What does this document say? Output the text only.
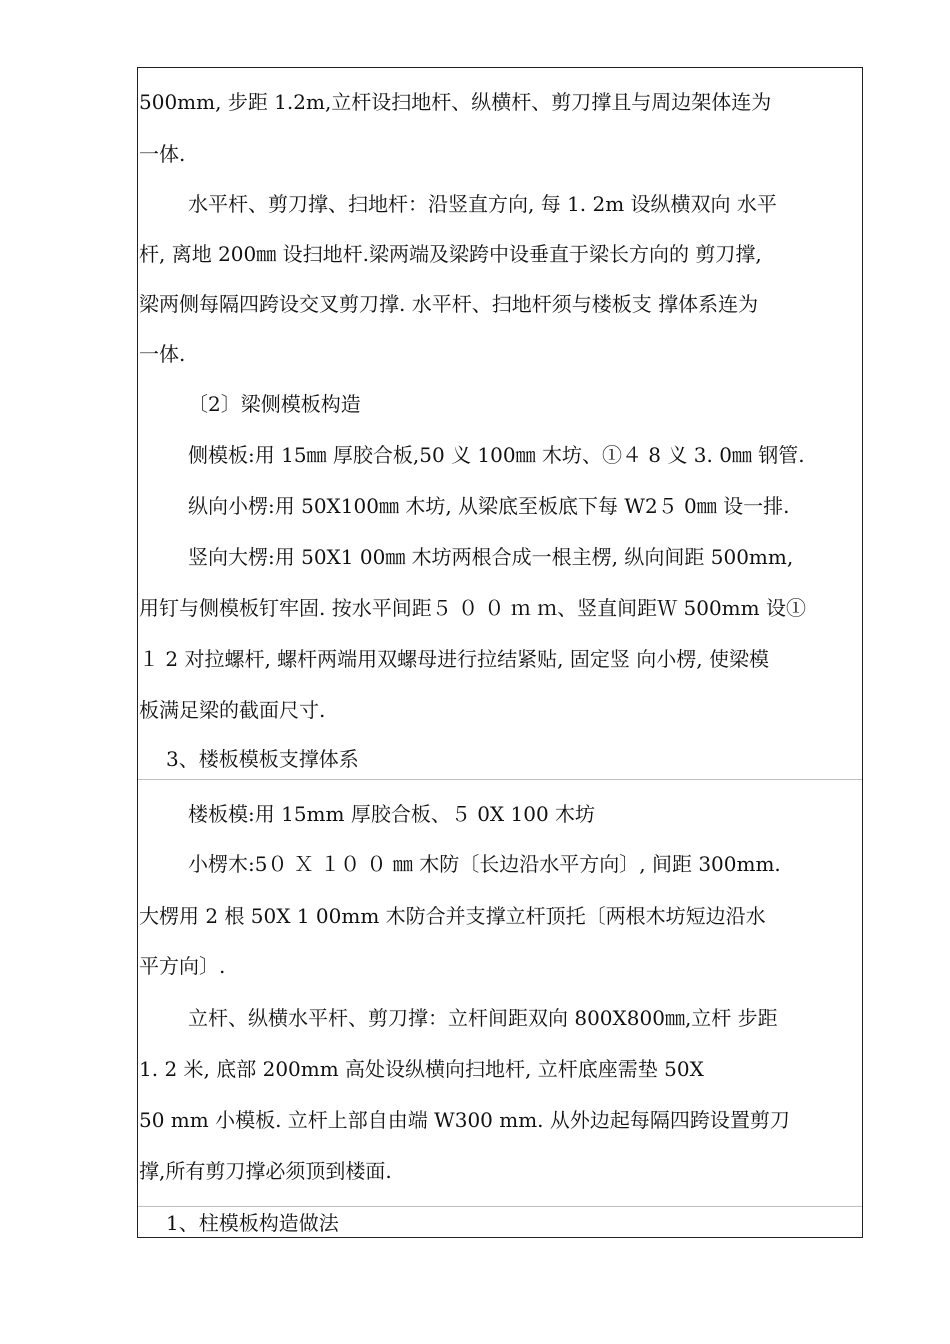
500mm, 步距 1.2m,立杆设扫地杆、纵横杆、剪刀撑且与周边架体连为
一体.
水平杆、剪刀撑、扫地杆：沿竖直方向, 每 1. 2m 设纵横双向 水平
杆, 离地 200㎜ 设扫地杆.梁两端及梁跨中设垂直于梁长方向的 剪刀撑,
梁两侧每隔四跨设交叉剪刀撑. 水平杆、扫地杆须与楼板支 撑体系连为
一体.
〔2〕梁侧模板构造
侧模板:用 15㎜ 厚胶合板,50 义 100㎜ 木坊、①４ 8 义 3. 0㎜ 钢管.
纵向小楞:用 50X100㎜ 木坊, 从梁底至板底下每 W2５ 0㎜ 设一排.
竖向大楞:用 50X1 00㎜ 木坊两根合成一根主楞, 纵向间距 500mm,
用钉与侧模板钉牢固. 按水平间距５ ０ ０ ｍ ｍ、竖直间距Ｗ 500mm 设①
１ 2 对拉螺杆, 螺杆两端用双螺母进行拉结紧贴, 固定竖 向小楞, 使梁模
板满足梁的截面尺寸.
3、楼板模板支撑体系
楼板模:用 15mm 厚胶合板、５ 0X 100 木坊
小楞木:5０ Ｘ １０ ０ ㎜ 木防〔长边沿水平方向〕, 间距 300mm.
大楞用 2 根 50X 1 00mm 木防合并支撑立杆顶托〔两根木坊短边沿水
平方向〕.
立杆、纵横水平杆、剪刀撑：立杆间距双向 800X800㎜,立杆 步距
1. 2 米, 底部 200mm 高处设纵横向扫地杆, 立杆底座需垫 50X
50 mm 小模板. 立杆上部自由端 W300 mm. 从外边起每隔四跨设置剪刀
撑,所有剪刀撑必须顶到楼面.
1、柱模板构造做法
